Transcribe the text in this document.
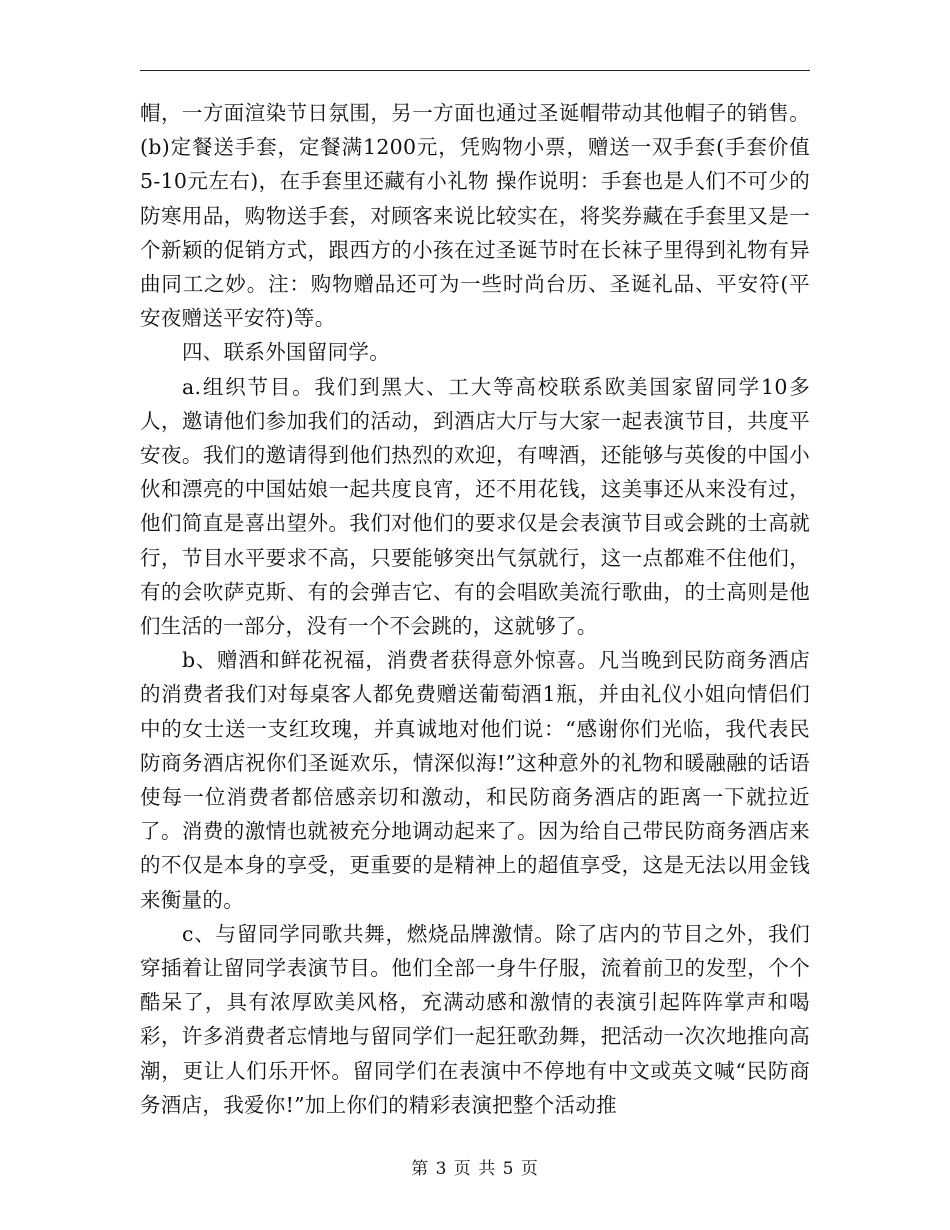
帽，一方面渲染节日氛围，另一方面也通过圣诞帽带动其他帽子的销售。 (b)定餐送手套，定餐满1200元，凭购物小票，赠送一双手套(手套价值5-10元左右)，在手套里还藏有小礼物 操作说明：手套也是人们不可少的防寒用品，购物送手套，对顾客来说比较实在，将奖券藏在手套里又是一个新颖的促销方式，跟西方的小孩在过圣诞节时在长袜子里得到礼物有异曲同工之妙。注：购物赠品还可为一些时尚台历、圣诞礼品、平安符(平安夜赠送平安符)等。

四、联系外国留同学。

a.组织节目。我们到黑大、工大等高校联系欧美国家留同学10多人，邀请他们参加我们的活动，到酒店大厅与大家一起表演节目，共度平安夜。我们的邀请得到他们热烈的欢迎，有啤酒，还能够与英俊的中国小伙和漂亮的中国姑娘一起共度良宵，还不用花钱，这美事还从来没有过，他们简直是喜出望外。我们对他们的要求仅是会表演节目或会跳的士高就行，节目水平要求不高，只要能够突出气氛就行，这一点都难不住他们，有的会吹萨克斯、有的会弹吉它、有的会唱欧美流行歌曲，的士高则是他们生活的一部分，没有一个不会跳的，这就够了。

b、赠酒和鲜花祝福，消费者获得意外惊喜。凡当晚到民防商务酒店的消费者我们对每桌客人都免费赠送葡萄酒1瓶，并由礼仪小姐向情侣们中的女士送一支红玫瑰，并真诚地对他们说：“感谢你们光临，我代表民防商务酒店祝你们圣诞欢乐，情深似海!”这种意外的礼物和暖融融的话语使每一位消费者都倍感亲切和激动，和民防商务酒店的距离一下就拉近了。消费的激情也就被充分地调动起来了。因为给自己带民防商务酒店来的不仅是本身的享受，更重要的是精神上的超值享受，这是无法以用金钱来衡量的。

c、与留同学同歌共舞，燃烧品牌激情。除了店内的节目之外，我们穿插着让留同学表演节目。他们全部一身牛仔服，流着前卫的发型，个个酷呆了，具有浓厚欧美风格，充满动感和激情的表演引起阵阵掌声和喝彩，许多消费者忘情地与留同学们一起狂歌劲舞，把活动一次次地推向高潮，更让人们乐开怀。留同学们在表演中不停地有中文或英文喊“民防商务酒店，我爱你!”加上你们的精彩表演把整个活动推

第 3 页 共 5 页
